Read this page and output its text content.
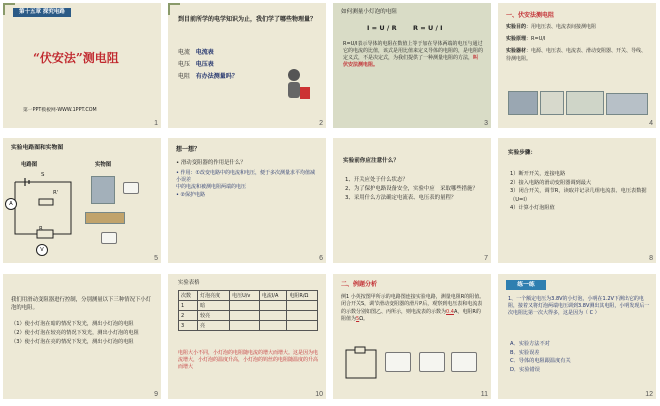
第十五章 探究电路
“伏安法”测电阻
第一PPT模板网-WWW.1PPT.COM
1
到目前所学的电学知识为止，我们学了哪些物理量？
电流 电流表
电压 电压表
电阻 有办法测量吗？
2
如何测量小灯泡的电阻
I = U / R	R = U / I
R=U/I表示导体的电阻在数值上等于加在导体两端的电压与通过它的电流的比值，该式是用比值来定义导体的电阻的，是电阻的定义式，不是决定式，为我们提供了一种测量电阻的方法，叫伏安法测电阻。
3
一、伏安法测电阻
实验目的：用电压表、电流表间接测电阻
实验原理：R=U/I
实验器材：电源、电压表、电流表、滑动变阻器、开关、导线、待测电阻。
4
实验电路图和实物图
电路图	实物图
S
R'
R
A
V
5
想一想？
• 滑动变阻器的作用是什么？
• 作用：①改变电路中的电流和电压，便于多次测量求平均值减小误差
中的电流和被测电阻两端的电压
• ②保护电路
6
实验前你应注意什么？
1、开关应处于什么状态？
2、为了保护电路设备安全，实验中应　采取哪些措施？
3、采用什么方法确定电流表、电压表的量程？
7
实验步骤：
1）断开开关，连接电路
2）接入电路的滑动变阻器调到最大
3）闭合开关，调节R，读取并记录几组电流表、电压表数据（U=I）
4）计算小灯泡阻值
8
我们用滑动变阻器进行控制，分别测量以下三种情况下小灯泡的电阻。
（1）使小灯泡在暗的情况下发光，测出小灯泡的电阻
（2）使小灯泡在较亮的情况下发光，测出小灯泡的电阻
（3）使小灯泡在亮的情况下发光，测出小灯泡的电阻
9
实验表格
次数	灯泡亮度	电压U/v	电流I/A	电阻R/Ω
1	暗			
2	较亮			
3	亮			
电阻大小不同，小灯泡的电阻随电流的增大而增大。这是因为电流增大，小灯泡的温度升高，小灯泡的钨丝的电阻随温度的升高而增大
10
二、例题分析
例1 小英按图甲所示的电路图连接实验电路，测量电阻R的阻值。闭合开关S，调节滑动变阻器的滑片P后，观察到电压表和电流表的示数分别如图乙、丙所示，则电流表的示数为0.4A，电阻R的阻值为5Ω。
11
练一练
1、一个额定电压为3.8V的小灯泡，小明在1.2V下测出它的电阻，接着又将灯泡两端电压调到3.8V测出其电阻，小明发现后一次电阻比第一次大得多，这是因为（ C ）
A．实验方法不对
B．实验误差
C．导体的电阻跟温度有关
D．实验错误
12
